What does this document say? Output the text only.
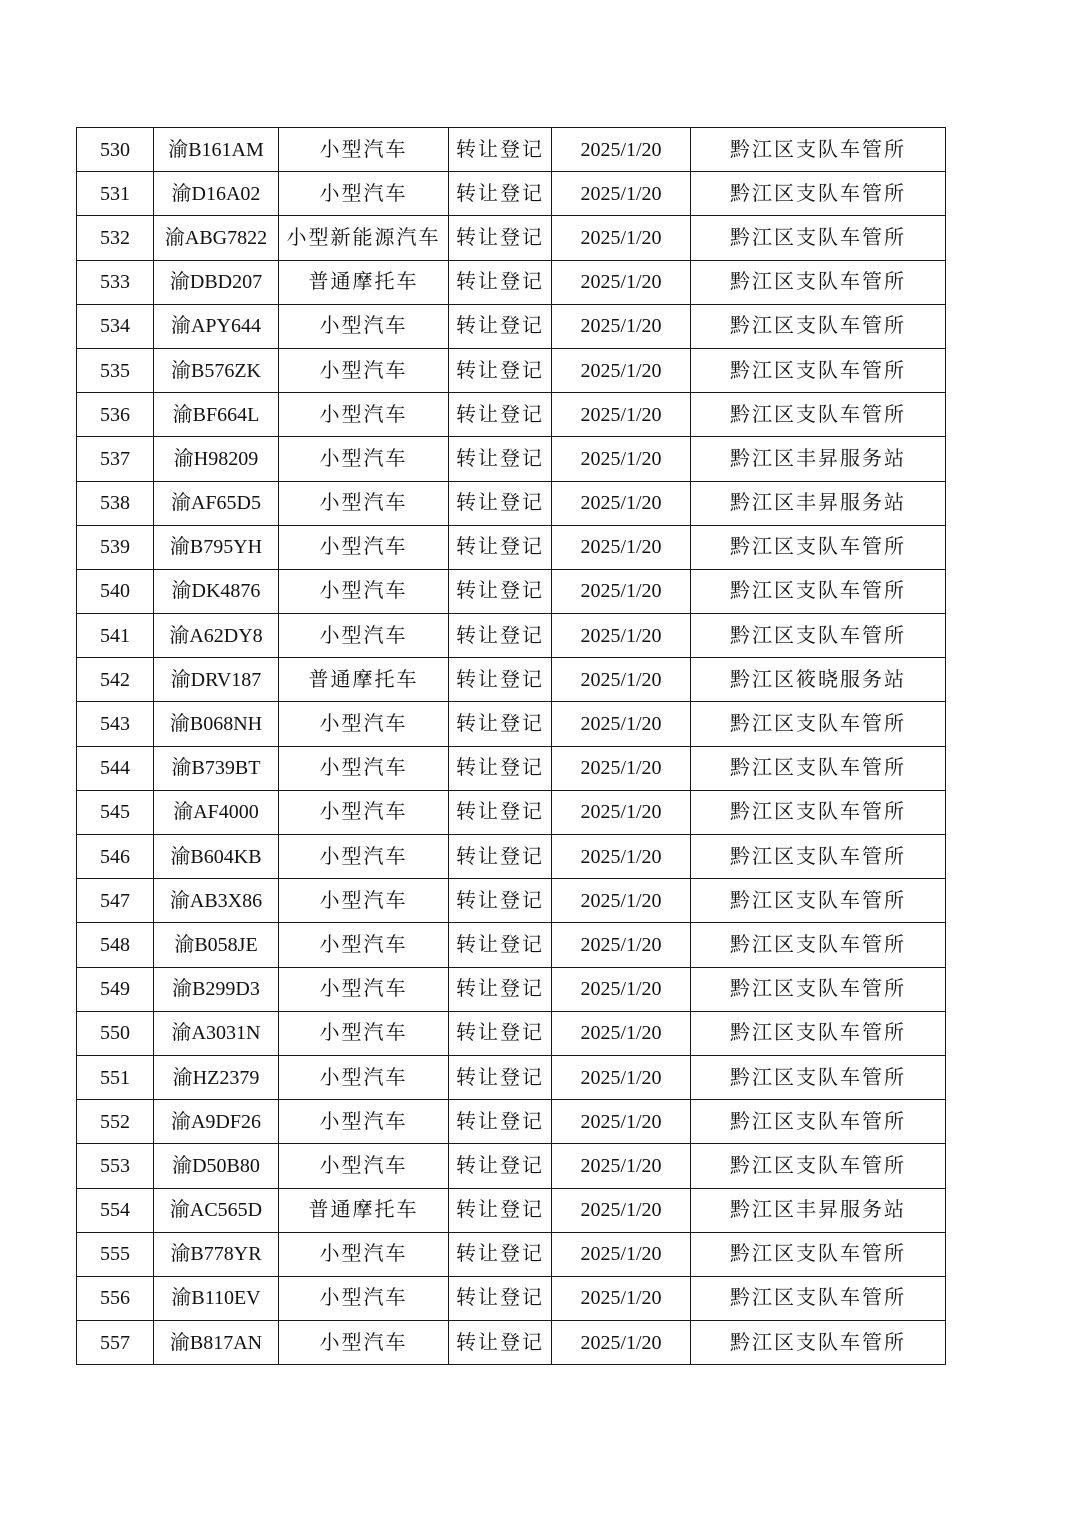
530	渝B161AM	小型汽车	转让登记	2025/1/20	黔江区支队车管所
531	渝D16A02	小型汽车	转让登记	2025/1/20	黔江区支队车管所
532	渝ABG7822	小型新能源汽车	转让登记	2025/1/20	黔江区支队车管所
533	渝DBD207	普通摩托车	转让登记	2025/1/20	黔江区支队车管所
534	渝APY644	小型汽车	转让登记	2025/1/20	黔江区支队车管所
535	渝B576ZK	小型汽车	转让登记	2025/1/20	黔江区支队车管所
536	渝BF664L	小型汽车	转让登记	2025/1/20	黔江区支队车管所
537	渝H98209	小型汽车	转让登记	2025/1/20	黔江区丰昇服务站
538	渝AF65D5	小型汽车	转让登记	2025/1/20	黔江区丰昇服务站
539	渝B795YH	小型汽车	转让登记	2025/1/20	黔江区支队车管所
540	渝DK4876	小型汽车	转让登记	2025/1/20	黔江区支队车管所
541	渝A62DY8	小型汽车	转让登记	2025/1/20	黔江区支队车管所
542	渝DRV187	普通摩托车	转让登记	2025/1/20	黔江区筱晓服务站
543	渝B068NH	小型汽车	转让登记	2025/1/20	黔江区支队车管所
544	渝B739BT	小型汽车	转让登记	2025/1/20	黔江区支队车管所
545	渝AF4000	小型汽车	转让登记	2025/1/20	黔江区支队车管所
546	渝B604KB	小型汽车	转让登记	2025/1/20	黔江区支队车管所
547	渝AB3X86	小型汽车	转让登记	2025/1/20	黔江区支队车管所
548	渝B058JE	小型汽车	转让登记	2025/1/20	黔江区支队车管所
549	渝B299D3	小型汽车	转让登记	2025/1/20	黔江区支队车管所
550	渝A3031N	小型汽车	转让登记	2025/1/20	黔江区支队车管所
551	渝HZ2379	小型汽车	转让登记	2025/1/20	黔江区支队车管所
552	渝A9DF26	小型汽车	转让登记	2025/1/20	黔江区支队车管所
553	渝D50B80	小型汽车	转让登记	2025/1/20	黔江区支队车管所
554	渝AC565D	普通摩托车	转让登记	2025/1/20	黔江区丰昇服务站
555	渝B778YR	小型汽车	转让登记	2025/1/20	黔江区支队车管所
556	渝B110EV	小型汽车	转让登记	2025/1/20	黔江区支队车管所
557	渝B817AN	小型汽车	转让登记	2025/1/20	黔江区支队车管所
